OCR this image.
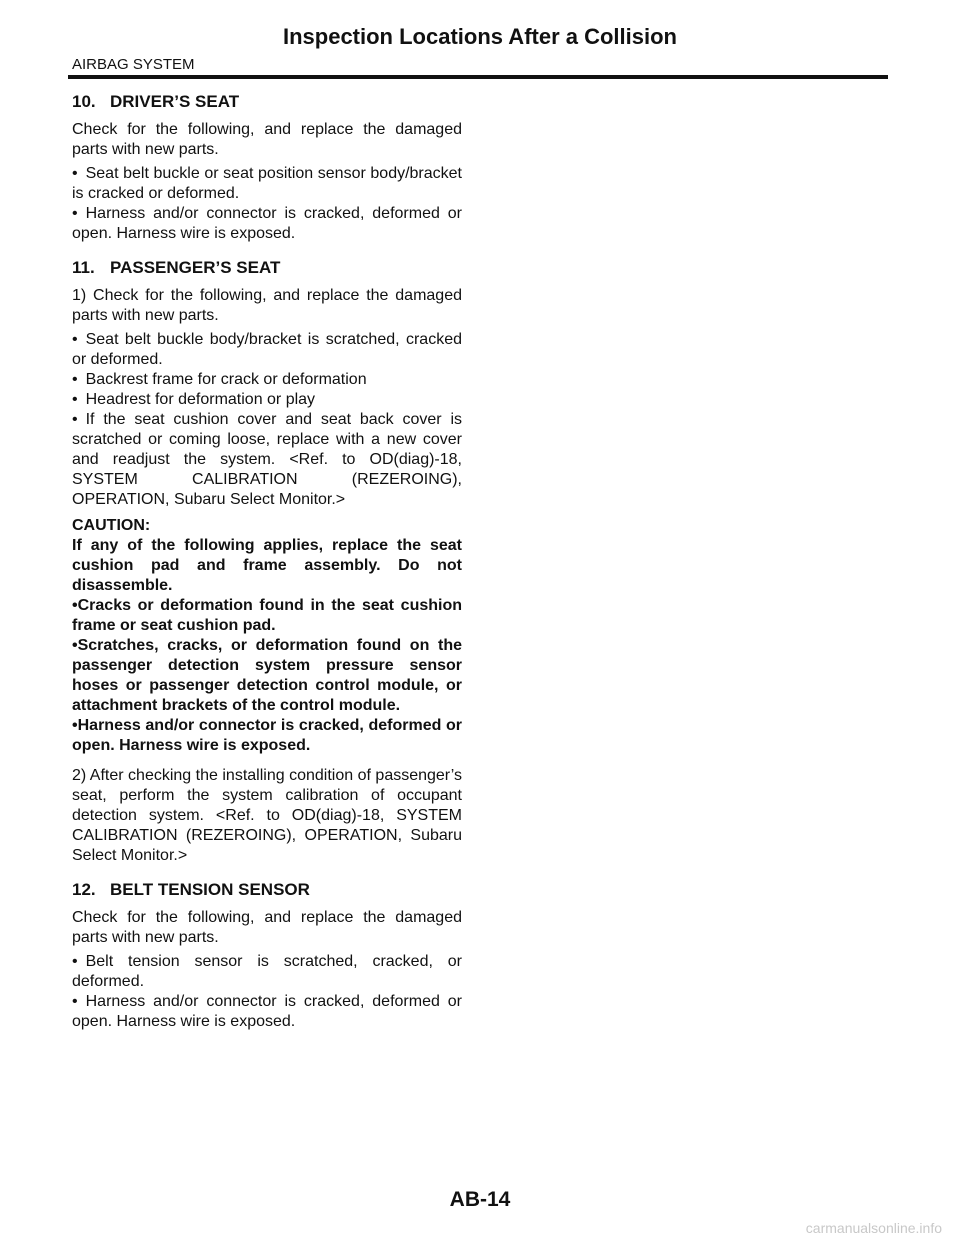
Inspection Locations After a Collision
AIRBAG SYSTEM
10. DRIVER’S SEAT

Check for the following, and replace the damaged parts with new parts.

• Seat belt buckle or seat position sensor body/bracket is cracked or deformed.

• Harness and/or connector is cracked, deformed or open. Harness wire is exposed.

11. PASSENGER’S SEAT

1) Check for the following, and replace the damaged parts with new parts.

• Seat belt buckle body/bracket is scratched, cracked or deformed.

• Backrest frame for crack or deformation

• Headrest for deformation or play

• If the seat cushion cover and seat back cover is scratched or coming loose, replace with a new cover and readjust the system. <Ref. to OD(diag)-18, SYSTEM CALIBRATION (REZEROING), OPERATION, Subaru Select Monitor.>

CAUTION:

If any of the following applies, replace the seat cushion pad and frame assembly. Do not disassemble.

•Cracks or deformation found in the seat cushion frame or seat cushion pad.

•Scratches, cracks, or deformation found on the passenger detection system pressure sensor hoses or passenger detection control module, or attachment brackets of the control module.

•Harness and/or connector is cracked, deformed or open. Harness wire is exposed.

2) After checking the installing condition of passenger’s seat, perform the system calibration of occupant detection system. <Ref. to OD(diag)-18, SYSTEM CALIBRATION (REZEROING), OPERATION, Subaru Select Monitor.>

12. BELT TENSION SENSOR

Check for the following, and replace the damaged parts with new parts.

• Belt tension sensor is scratched, cracked, or deformed.

• Harness and/or connector is cracked, deformed or open. Harness wire is exposed.

AB-14
carmanualsonline.info
